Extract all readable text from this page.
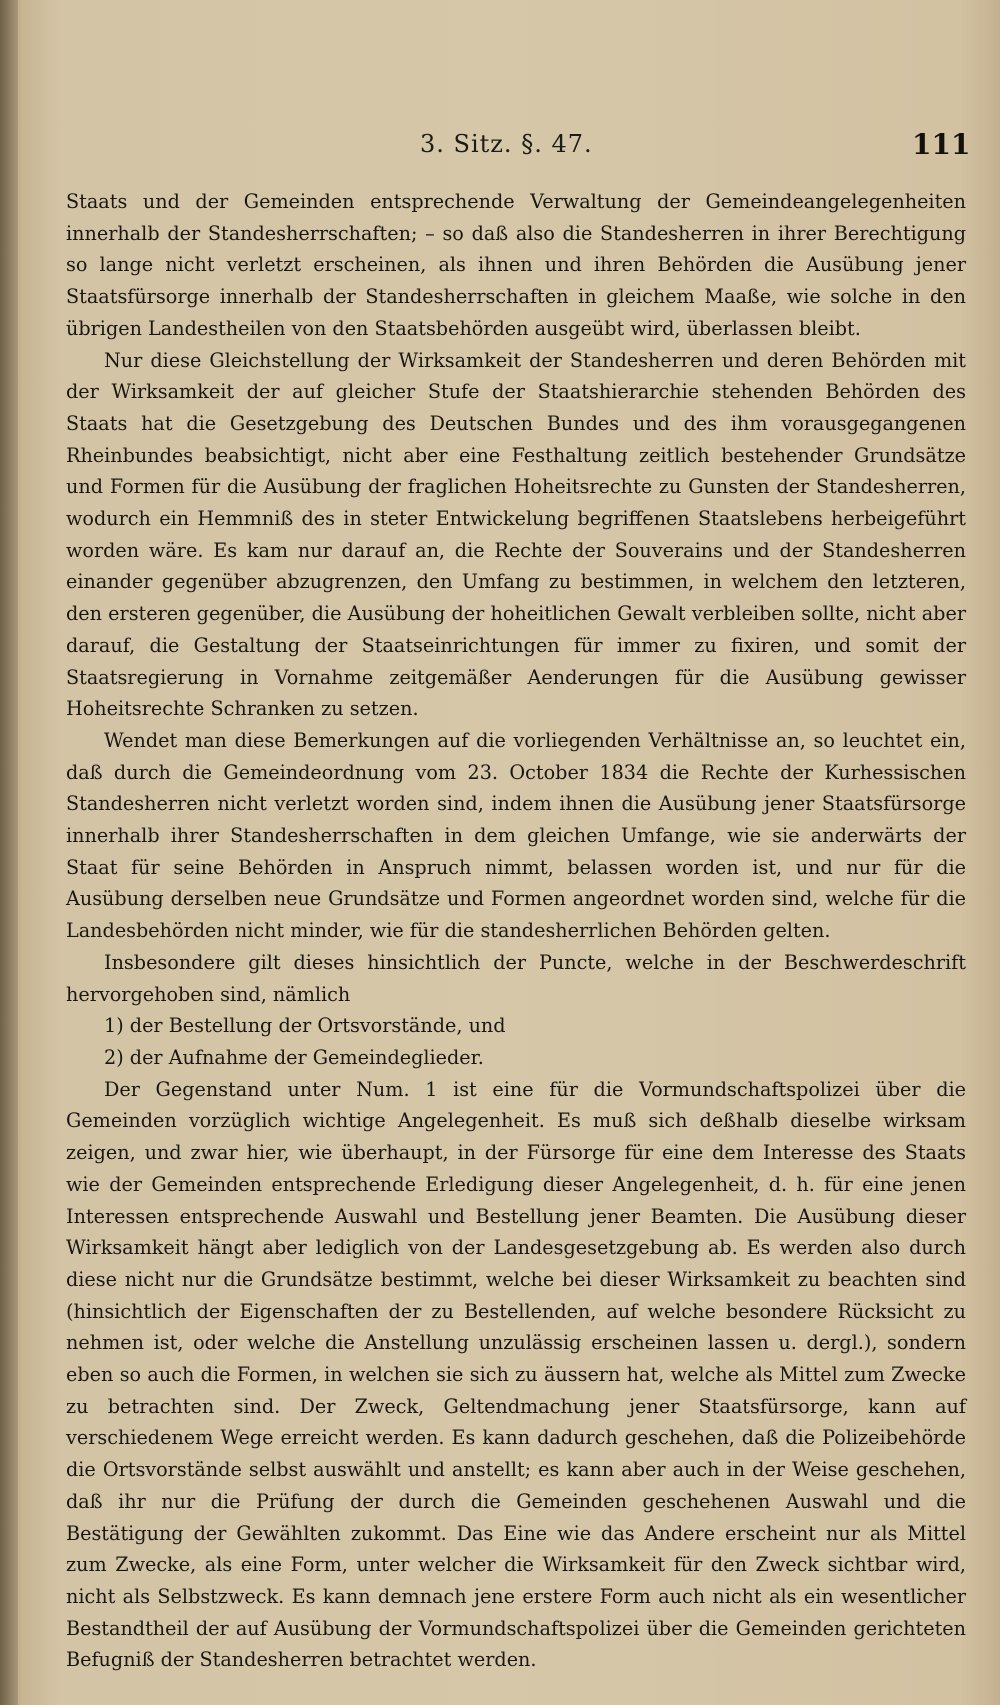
3. Sitz. §. 47.	111

Staats und der Gemeinden entsprechende Verwaltung der Gemeindeangelegenheiten innerhalb der Standesherrschaften; – so daß also die Standesherren in ihrer Berechtigung so lange nicht verletzt erscheinen, als ihnen und ihren Behörden die Ausübung jener Staatsfürsorge innerhalb der Standesherrschaften in gleichem Maaße, wie solche in den übrigen Landestheilen von den Staatsbehörden ausgeübt wird, überlassen bleibt.

Nur diese Gleichstellung der Wirksamkeit der Standesherren und deren Behörden mit der Wirksamkeit der auf gleicher Stufe der Staatshierarchie stehenden Behörden des Staats hat die Gesetzgebung des Deutschen Bundes und des ihm vorausgegangenen Rheinbundes beabsichtigt, nicht aber eine Festhaltung zeitlich bestehender Grundsätze und Formen für die Ausübung der fraglichen Hoheitsrechte zu Gunsten der Standesherren, wodurch ein Hemmniß des in steter Entwickelung begriffenen Staatslebens herbeigeführt worden wäre. Es kam nur darauf an, die Rechte der Souverains und der Standesherren einander gegenüber abzugrenzen, den Umfang zu bestimmen, in welchem den letzteren, den ersteren gegenüber, die Ausübung der hoheitlichen Gewalt verbleiben sollte, nicht aber darauf, die Gestaltung der Staatseinrichtungen für immer zu fixiren, und somit der Staatsregierung in Vornahme zeitgemäßer Aenderungen für die Ausübung gewisser Hoheitsrechte Schranken zu setzen.

Wendet man diese Bemerkungen auf die vorliegenden Verhältnisse an, so leuchtet ein, daß durch die Gemeindeordnung vom 23. October 1834 die Rechte der Kurhessischen Standesherren nicht verletzt worden sind, indem ihnen die Ausübung jener Staatsfürsorge innerhalb ihrer Standesherrschaften in dem gleichen Umfange, wie sie anderwärts der Staat für seine Behörden in Anspruch nimmt, belassen worden ist, und nur für die Ausübung derselben neue Grundsätze und Formen angeordnet worden sind, welche für die Landesbehörden nicht minder, wie für die standesherrlichen Behörden gelten.

Insbesondere gilt dieses hinsichtlich der Puncte, welche in der Beschwerdeschrift hervorgehoben sind, nämlich

1) der Bestellung der Ortsvorstände, und

2) der Aufnahme der Gemeindeglieder.

Der Gegenstand unter Num. 1 ist eine für die Vormundschaftspolizei über die Gemeinden vorzüglich wichtige Angelegenheit. Es muß sich deßhalb dieselbe wirksam zeigen, und zwar hier, wie überhaupt, in der Fürsorge für eine dem Interesse des Staats wie der Gemeinden entsprechende Erledigung dieser Angelegenheit, d. h. für eine jenen Interessen entsprechende Auswahl und Bestellung jener Beamten. Die Ausübung dieser Wirksamkeit hängt aber lediglich von der Landesgesetzgebung ab. Es werden also durch diese nicht nur die Grundsätze bestimmt, welche bei dieser Wirksamkeit zu beachten sind (hinsichtlich der Eigenschaften der zu Bestellenden, auf welche besondere Rücksicht zu nehmen ist, oder welche die Anstellung unzulässig erscheinen lassen u. dergl.), sondern eben so auch die Formen, in welchen sie sich zu äussern hat, welche als Mittel zum Zwecke zu betrachten sind. Der Zweck, Geltendmachung jener Staatsfürsorge, kann auf verschiedenem Wege erreicht werden. Es kann dadurch geschehen, daß die Polizeibehörde die Ortsvorstände selbst auswählt und anstellt; es kann aber auch in der Weise geschehen, daß ihr nur die Prüfung der durch die Gemeinden geschehenen Auswahl und die Bestätigung der Gewählten zukommt. Das Eine wie das Andere erscheint nur als Mittel zum Zwecke, als eine Form, unter welcher die Wirksamkeit für den Zweck sichtbar wird, nicht als Selbstzweck. Es kann demnach jene erstere Form auch nicht als ein wesentlicher Bestandtheil der auf Ausübung der Vormundschaftspolizei über die Gemeinden gerichteten Befugniß der Standesherren betrachtet werden.
